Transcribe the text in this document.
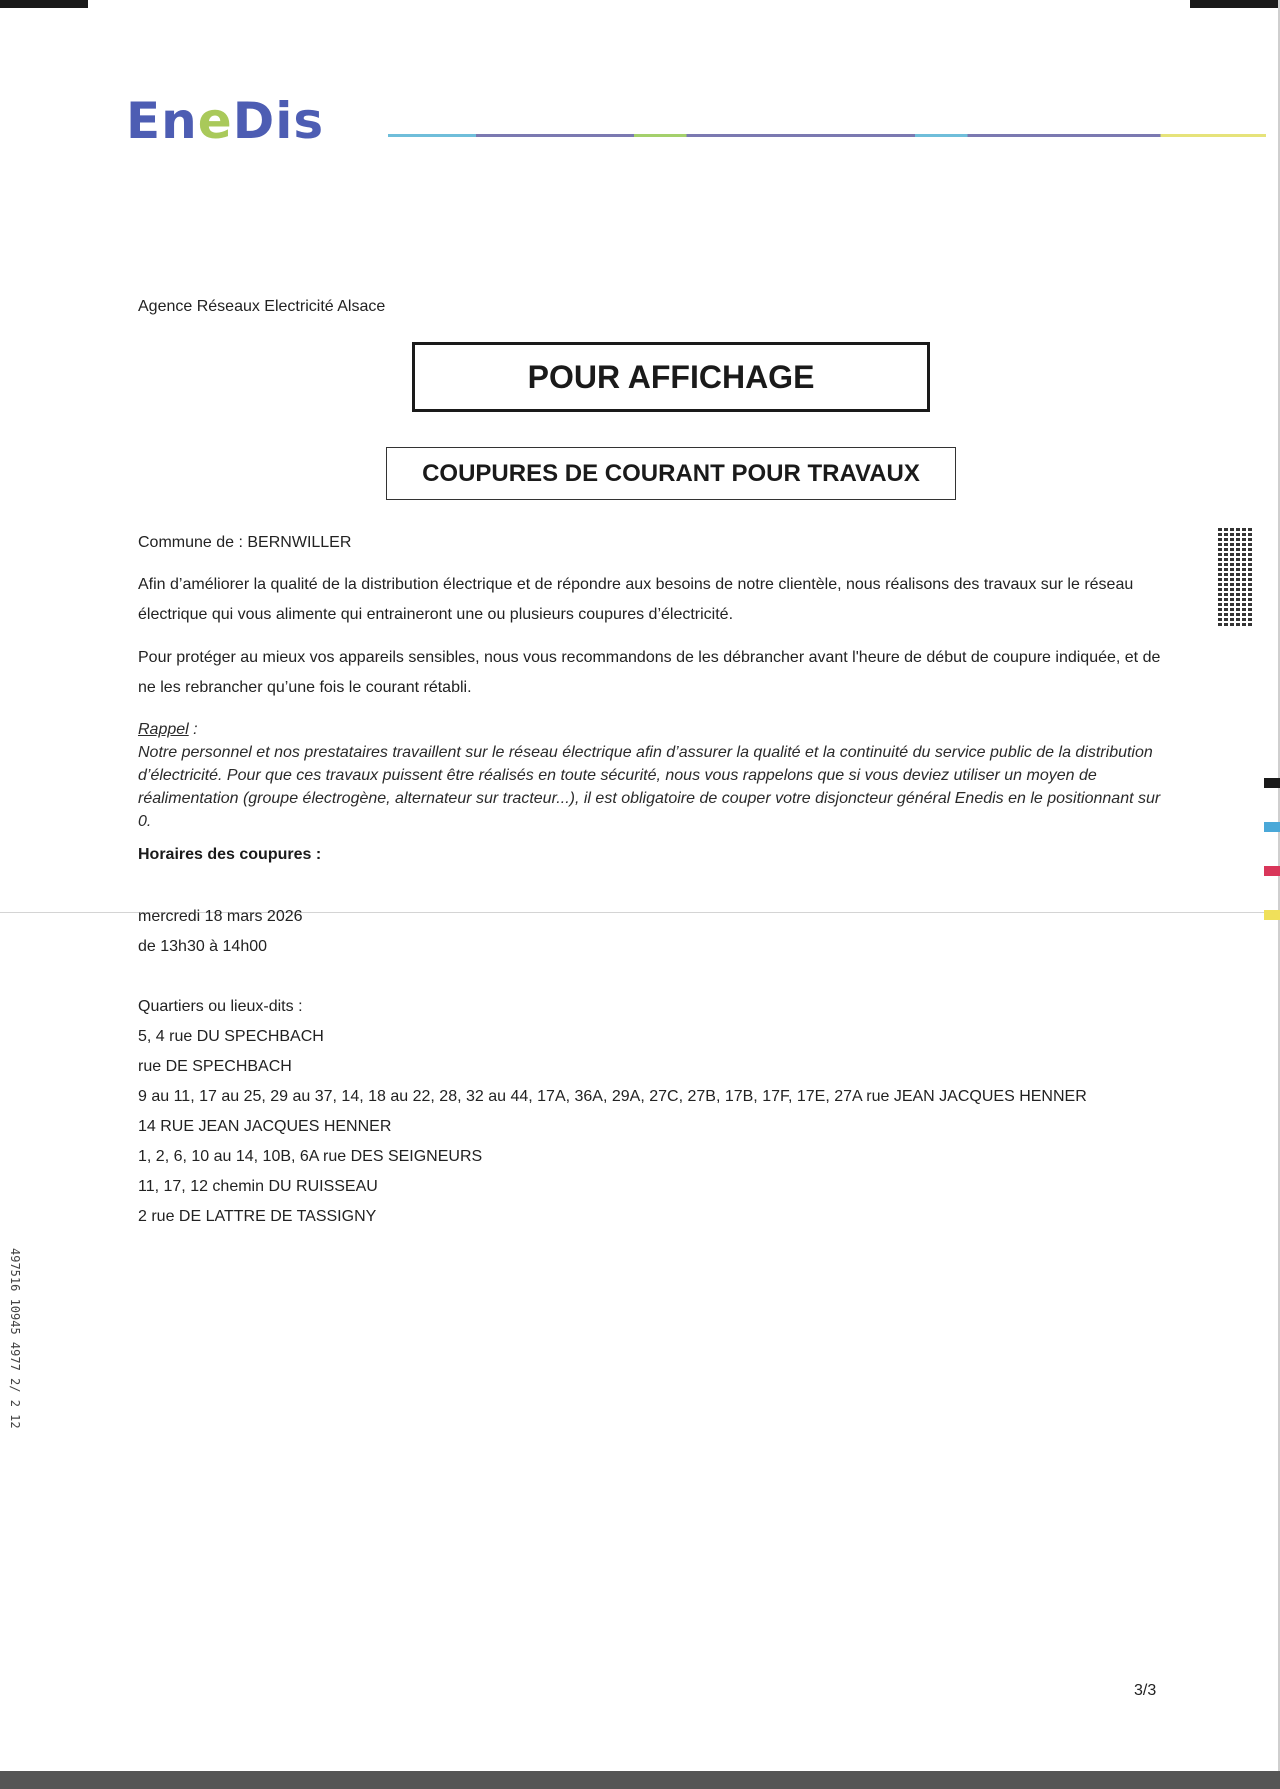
EneDis
Agence Réseaux Electricité Alsace
POUR AFFICHAGE
COUPURES DE COURANT POUR TRAVAUX
Commune de : BERNWILLER
Afin d’améliorer la qualité de la distribution électrique et de répondre aux besoins de notre clientèle, nous réalisons des travaux sur le réseau électrique qui vous alimente qui entraineront une ou plusieurs coupures d’électricité.
Pour protéger au mieux vos appareils sensibles, nous vous recommandons de les débrancher avant l'heure de début de coupure indiquée, et de ne les rebrancher qu’une fois le courant rétabli.
Rappel :
Notre personnel et nos prestataires travaillent sur le réseau électrique afin d’assurer la qualité et la continuité du service public de la distribution d’électricité. Pour que ces travaux puissent être réalisés en toute sécurité, nous vous rappelons que si vous deviez utiliser un moyen de réalimentation (groupe électrogène, alternateur sur tracteur...), il est obligatoire de couper votre disjoncteur général Enedis en le positionnant sur 0.
Horaires des coupures :
mercredi 18 mars 2026
de 13h30 à 14h00
Quartiers ou lieux-dits :
5, 4 rue DU SPECHBACH
rue DE SPECHBACH
9 au 11, 17 au 25, 29 au 37, 14, 18 au 22, 28, 32 au 44, 17A, 36A, 29A, 27C, 27B, 17B, 17F, 17E, 27A rue JEAN JACQUES HENNER
14 RUE JEAN JACQUES HENNER
1, 2, 6, 10 au 14, 10B, 6A rue DES SEIGNEURS
11, 17, 12 chemin DU RUISSEAU
2 rue DE LATTRE DE TASSIGNY
497516 10945 4977 2/ 2 12
3/3
